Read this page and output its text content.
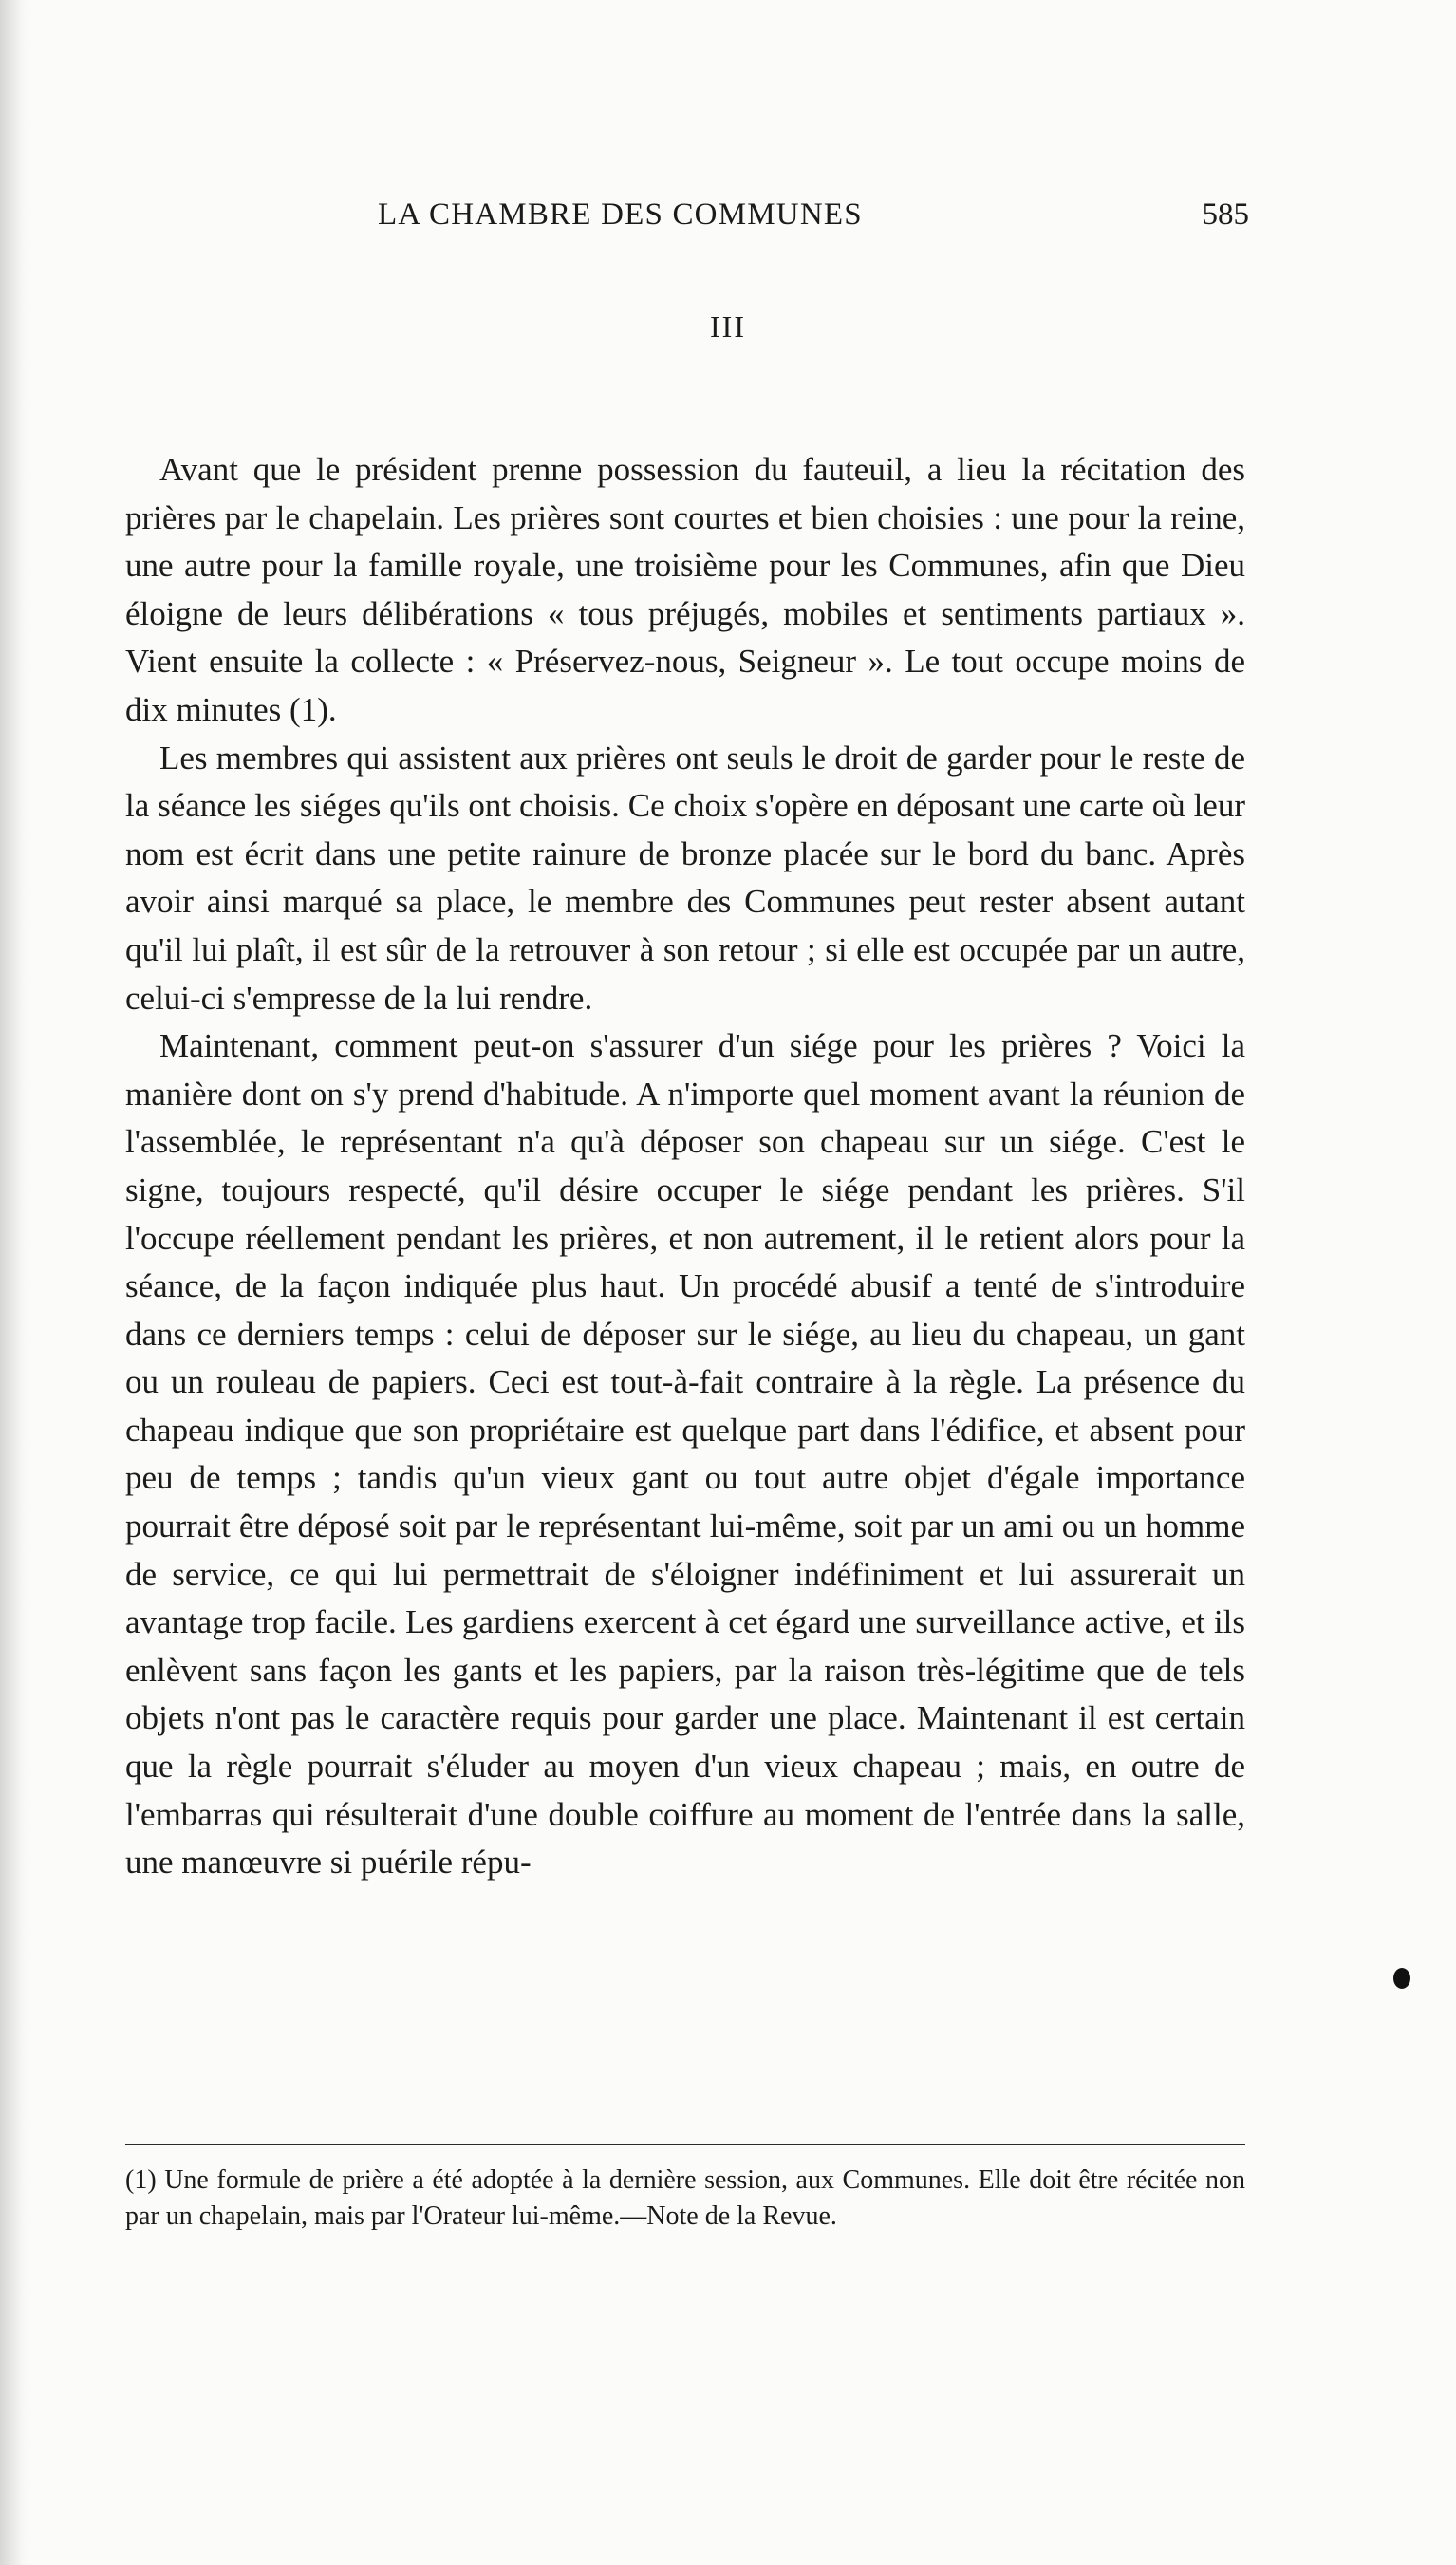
LA CHAMBRE DES COMMUNES	585
III

Avant que le président prenne possession du fauteuil, a lieu la récitation des prières par le chapelain. Les prières sont courtes et bien choisies : une pour la reine, une autre pour la famille royale, une troisième pour les Communes, afin que Dieu éloigne de leurs délibérations « tous préjugés, mobiles et sentiments partiaux ». Vient ensuite la collecte : « Préservez-nous, Seigneur ». Le tout occupe moins de dix minutes (1).

Les membres qui assistent aux prières ont seuls le droit de garder pour le reste de la séance les siéges qu'ils ont choisis. Ce choix s'opère en déposant une carte où leur nom est écrit dans une petite rainure de bronze placée sur le bord du banc. Après avoir ainsi marqué sa place, le membre des Communes peut rester absent autant qu'il lui plaît, il est sûr de la retrouver à son retour ; si elle est occupée par un autre, celui-ci s'empresse de la lui rendre.

Maintenant, comment peut-on s'assurer d'un siége pour les prières ? Voici la manière dont on s'y prend d'habitude. A n'importe quel moment avant la réunion de l'assemblée, le représentant n'a qu'à déposer son chapeau sur un siége. C'est le signe, toujours respecté, qu'il désire occuper le siége pendant les prières. S'il l'occupe réellement pendant les prières, et non autrement, il le retient alors pour la séance, de la façon indiquée plus haut. Un procédé abusif a tenté de s'introduire dans ce derniers temps : celui de déposer sur le siége, au lieu du chapeau, un gant ou un rouleau de papiers. Ceci est tout-à-fait contraire à la règle. La présence du chapeau indique que son propriétaire est quelque part dans l'édifice, et absent pour peu de temps ; tandis qu'un vieux gant ou tout autre objet d'égale importance pourrait être déposé soit par le représentant lui-même, soit par un ami ou un homme de service, ce qui lui permettrait de s'éloigner indéfiniment et lui assurerait un avantage trop facile. Les gardiens exercent à cet égard une surveillance active, et ils enlèvent sans façon les gants et les papiers, par la raison très-légitime que de tels objets n'ont pas le caractère requis pour garder une place. Maintenant il est certain que la règle pourrait s'éluder au moyen d'un vieux chapeau ; mais, en outre de l'embarras qui résulterait d'une double coiffure au moment de l'entrée dans la salle, une manœuvre si puérile répu-

(1) Une formule de prière a été adoptée à la dernière session, aux Communes. Elle doit être récitée non par un chapelain, mais par l'Orateur lui-même.—Note de la Revue.
